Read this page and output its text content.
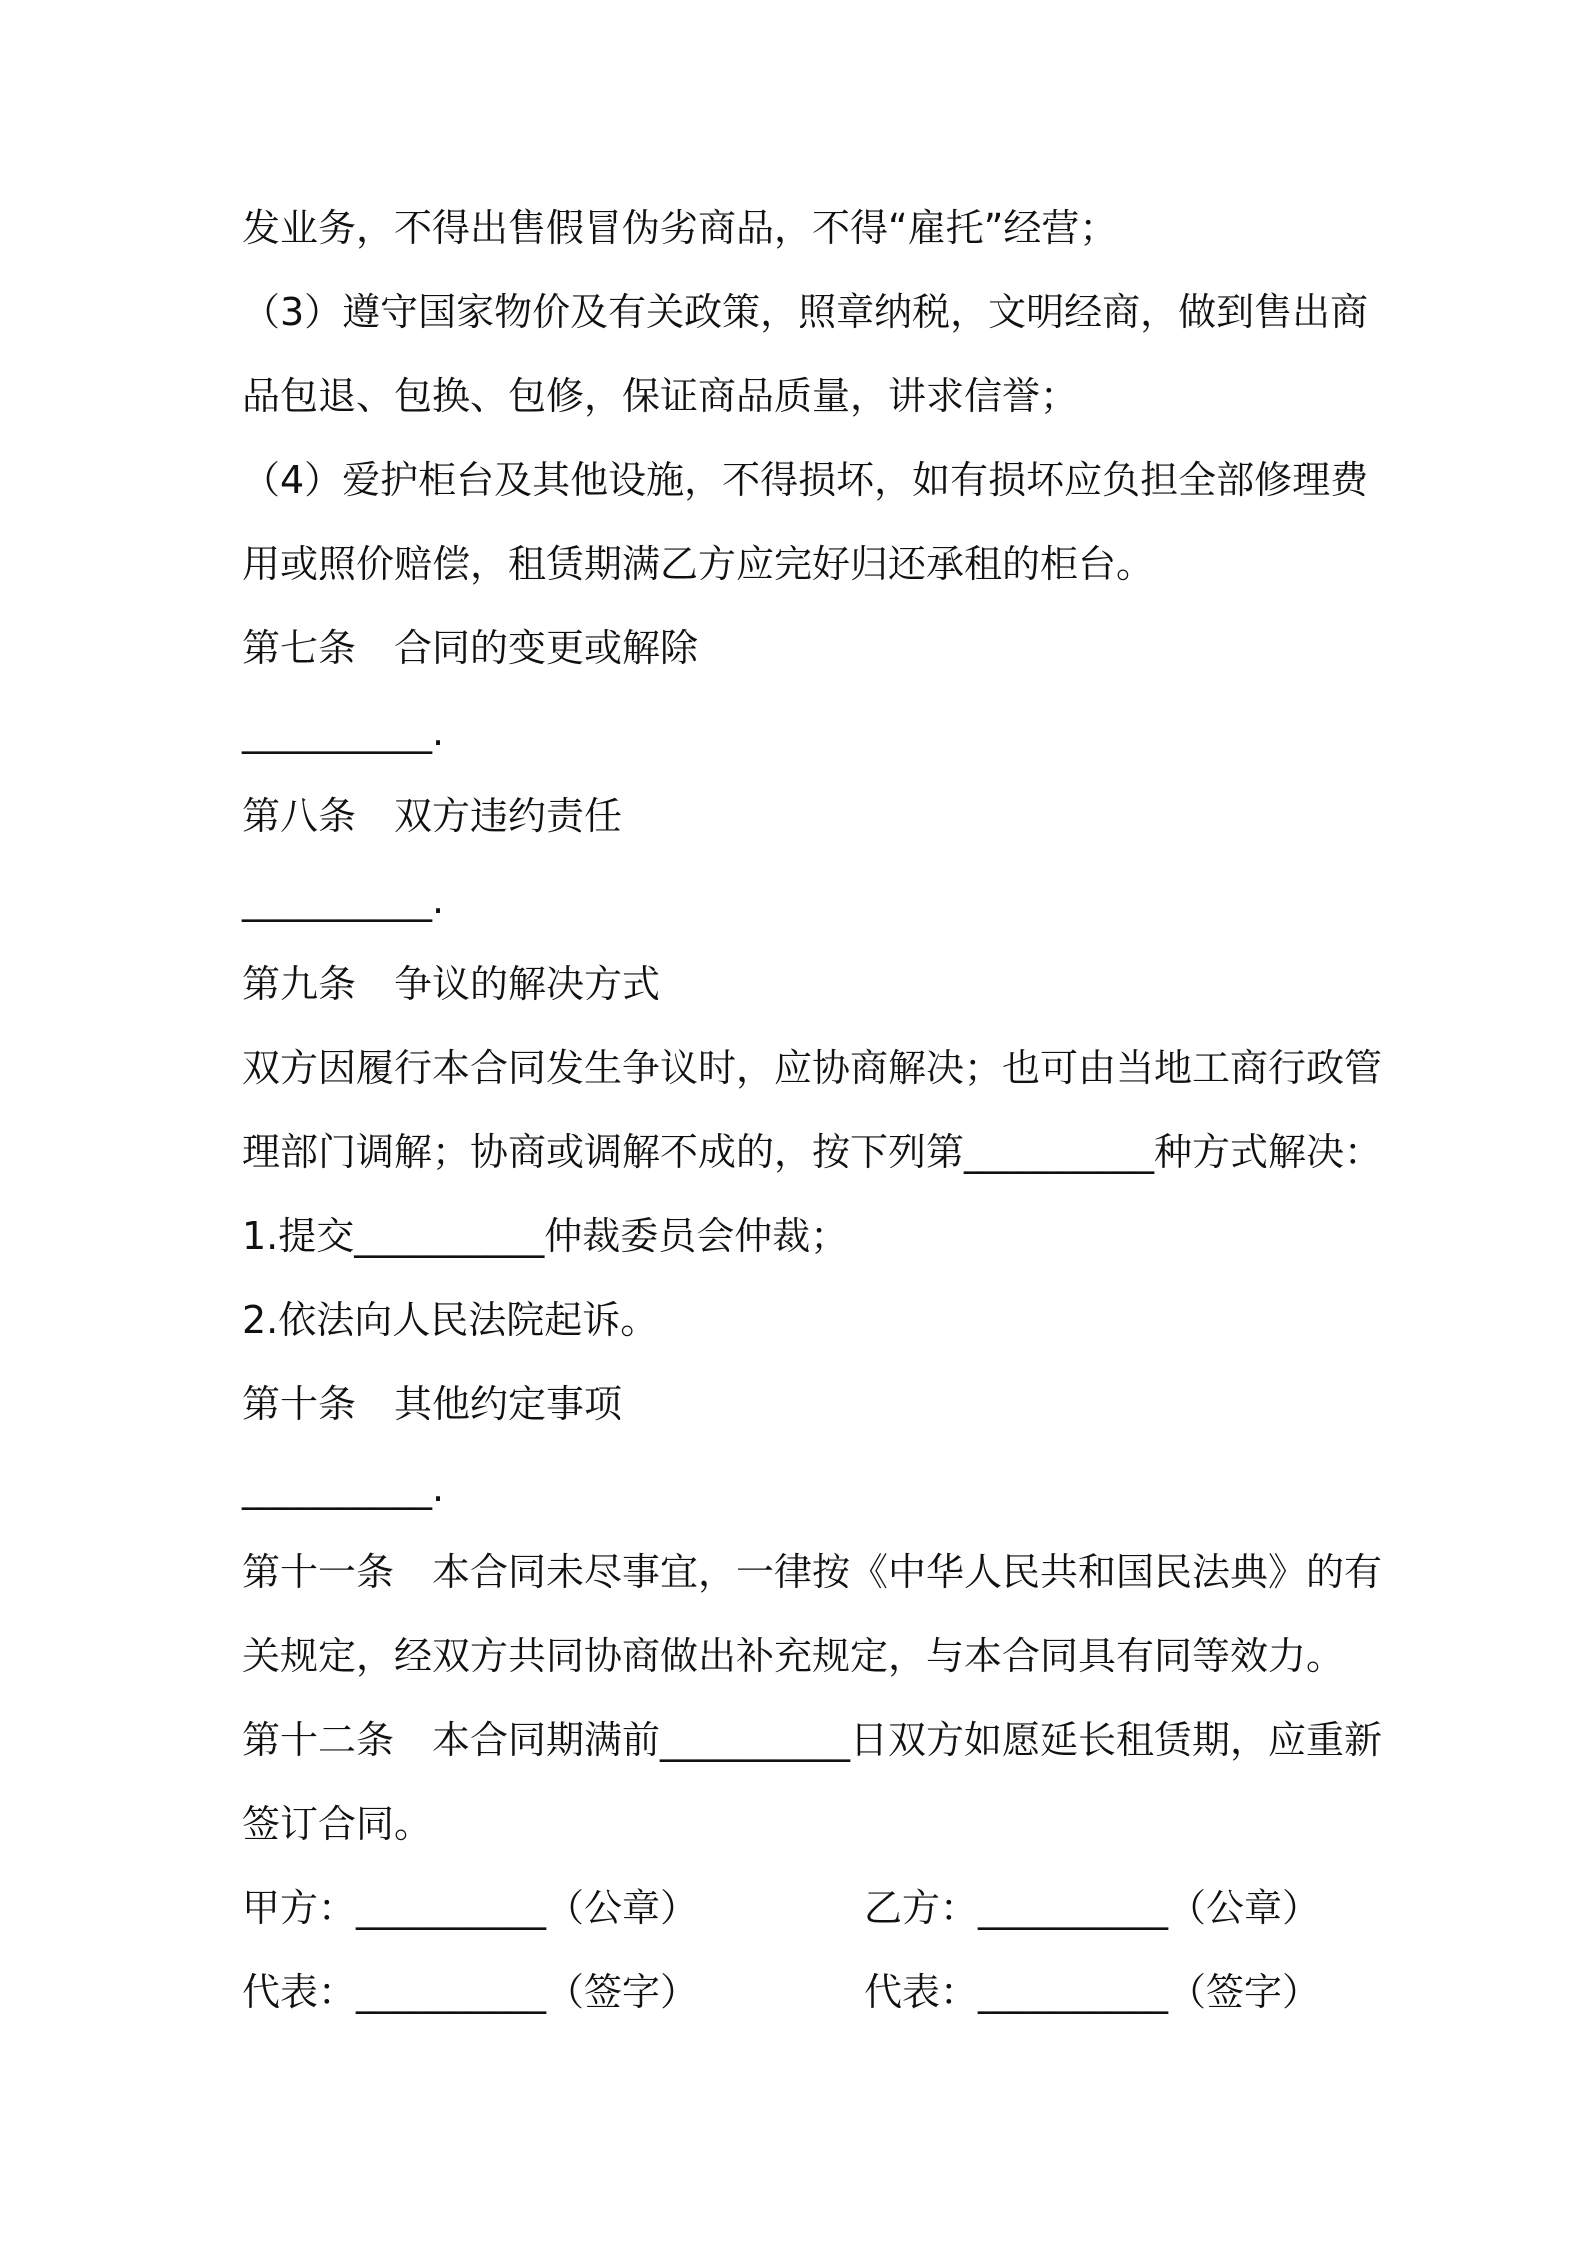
发业务，不得出售假冒伪劣商品，不得“雇托”经营；
（3）遵守国家物价及有关政策，照章纳税，文明经商，做到售出商
品包退、包换、包修，保证商品质量，讲求信誉；
（4）爱护柜台及其他设施，不得损坏，如有损坏应负担全部修理费
用或照价赔偿，租赁期满乙方应完好归还承租的柜台。
第七条　合同的变更或解除
__________.
第八条　双方违约责任
__________.
第九条　争议的解决方式
双方因履行本合同发生争议时，应协商解决；也可由当地工商行政管
理部门调解；协商或调解不成的，按下列第__________种方式解决：
1.提交__________仲裁委员会仲裁；
2.依法向人民法院起诉。
第十条　其他约定事项
__________.
第十一条　本合同未尽事宜，一律按《中华人民共和国民法典》的有
关规定，经双方共同协商做出补充规定，与本合同具有同等效力。
第十二条　本合同期满前__________日双方如愿延长租赁期，应重新
签订合同。
甲方：__________（公章）	乙方：__________（公章）
代表：__________（签字）	代表：__________（签字）
